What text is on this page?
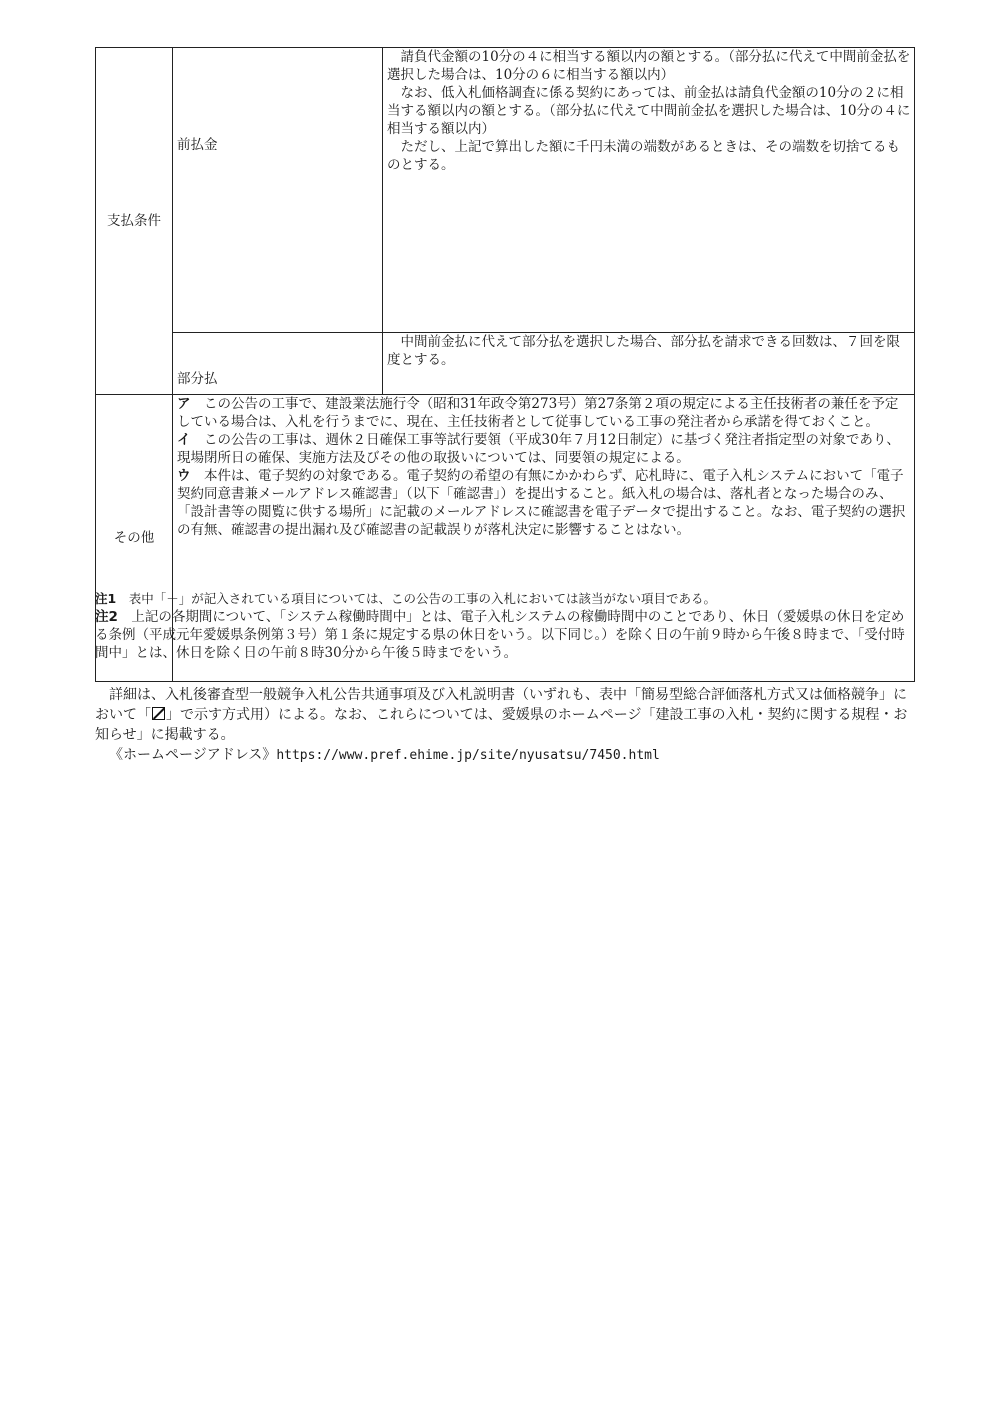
支払条件	前払金	請負代金額の10分の４に相当する額以内の額とする。（部分払に代えて中間前金払を選択した場合は、10分の６に相当する額以内）

なお、低入札価格調査に係る契約にあっては、前金払は請負代金額の10分の２に相当する額以内の額とする。（部分払に代えて中間前金払を選択した場合は、10分の４に相当する額以内）

ただし、上記で算出した額に千円未満の端数があるときは、その端数を切捨てるものとする。

	部分払	中間前金払に代えて部分払を選択した場合、部分払を請求できる回数は、７回を限度とする。

その他	ア　この公告の工事で、建設業法施行令（昭和31年政令第273号）第27条第２項の規定による主任技術者の兼任を予定している場合は、入札を行うまでに、現在、主任技術者として従事している工事の発注者から承諾を得ておくこと。

イ　この公告の工事は、週休２日確保工事等試行要領（平成30年７月12日制定）に基づく発注者指定型の対象であり、現場閉所日の確保、実施方法及びその他の取扱いについては、同要領の規定による。

ウ　本件は、電子契約の対象である。電子契約の希望の有無にかかわらず、応札時に、電子入札システムにおいて「電子契約同意書兼メールアドレス確認書」（以下「確認書」）を提出すること。紙入札の場合は、落札者となった場合のみ、「設計書等の閲覧に供する場所」に記載のメールアドレスに確認書を電子データで提出すること。なお、電子契約の選択の有無、確認書の提出漏れ及び確認書の記載誤りが落札決定に影響することはない。	

注1　表中「－」が記入されている項目については、この公告の工事の入札においては該当がない項目である。

注2　上記の各期間について、「システム稼働時間中」とは、電子入札システムの稼働時間中のことであり、休日（愛媛県の休日を定める条例（平成元年愛媛県条例第３号）第１条に規定する県の休日をいう。以下同じ。）を除く日の午前９時から午後８時まで、「受付時間中」とは、休日を除く日の午前８時30分から午後５時までをいう。

詳細は、入札後審査型一般競争入札公告共通事項及び入札説明書（いずれも、表中「簡易型総合評価落札方式又は価格競争」において「 」で示す方式用）による。なお、これらについては、愛媛県のホームページ「建設工事の入札・契約に関する規程・お知らせ」に掲載する。

《ホームページアドレス》https://www.pref.ehime.jp/site/nyusatsu/7450.html
